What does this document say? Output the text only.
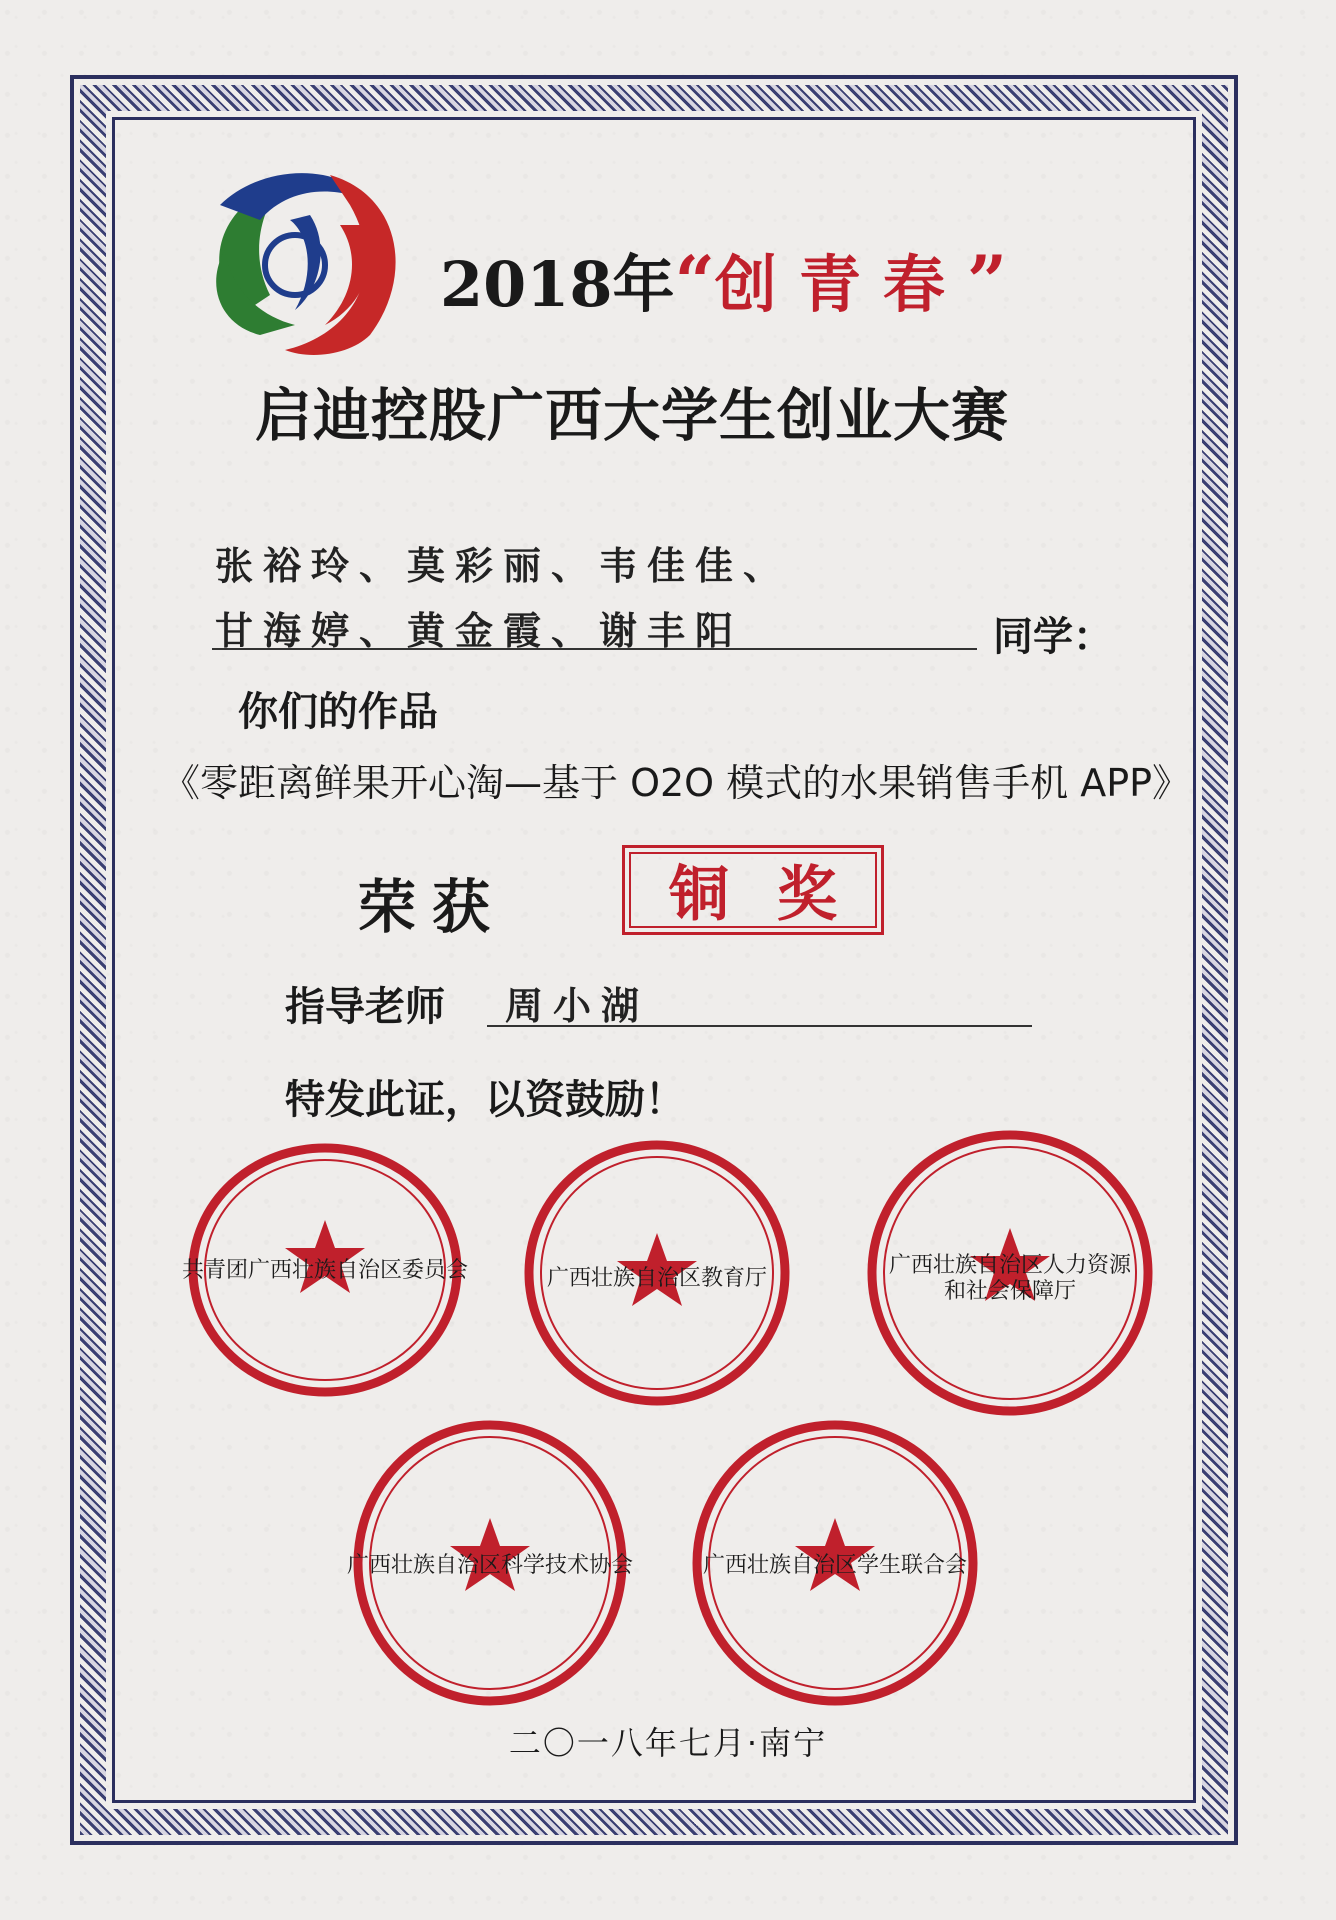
2018年“创青春”
启迪控股广西大学生创业大赛
张裕玲、莫彩丽、韦佳佳、
甘海婷、黄金霞、谢丰阳	同学：
你们的作品
《零距离鲜果开心淘—基于 O2O 模式的水果销售手机 APP》
荣获	铜奖
指导老师 周小湖
特发此证，以资鼓励！
共青团广西壮族自治区委员会	广西壮族自治区教育厅
广西壮族自治区人力资源
和社会保障厅
广西壮族自治区科学技术协会	广西壮族自治区学生联合会
二〇一八年七月·南宁
